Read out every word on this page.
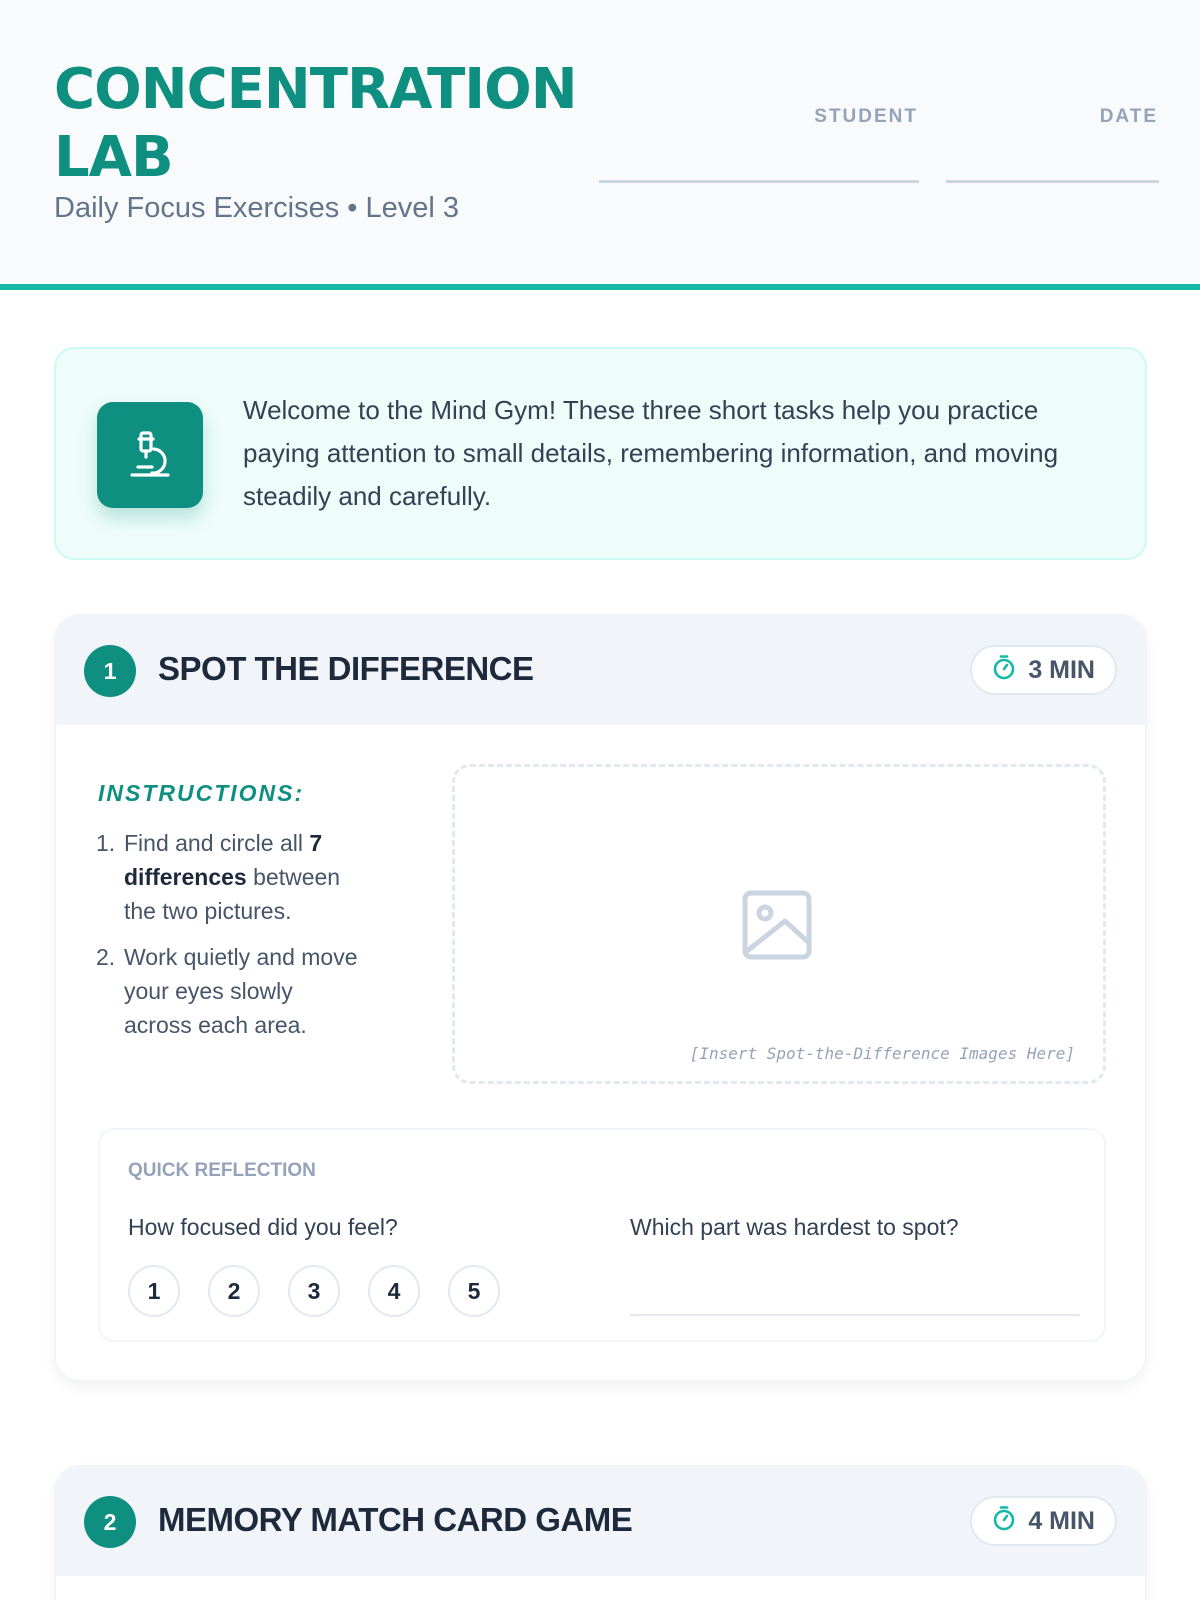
CONCENTRATION LAB
Daily Focus Exercises • Level 3
STUDENT	DATE
Welcome to the Mind Gym! These three short tasks help you practice paying attention to small details, remembering information, and moving steadily and carefully.
1	SPOT THE DIFFERENCE	3 MIN
INSTRUCTIONS:
1. Find and circle all 7 differences between the two pictures.
2. Work quietly and move your eyes slowly across each area.
[Insert Spot-the-Difference Images Here]
QUICK REFLECTION
How focused did you feel?	Which part was hardest to spot?
1	2	3	4	5
2	MEMORY MATCH CARD GAME	4 MIN
